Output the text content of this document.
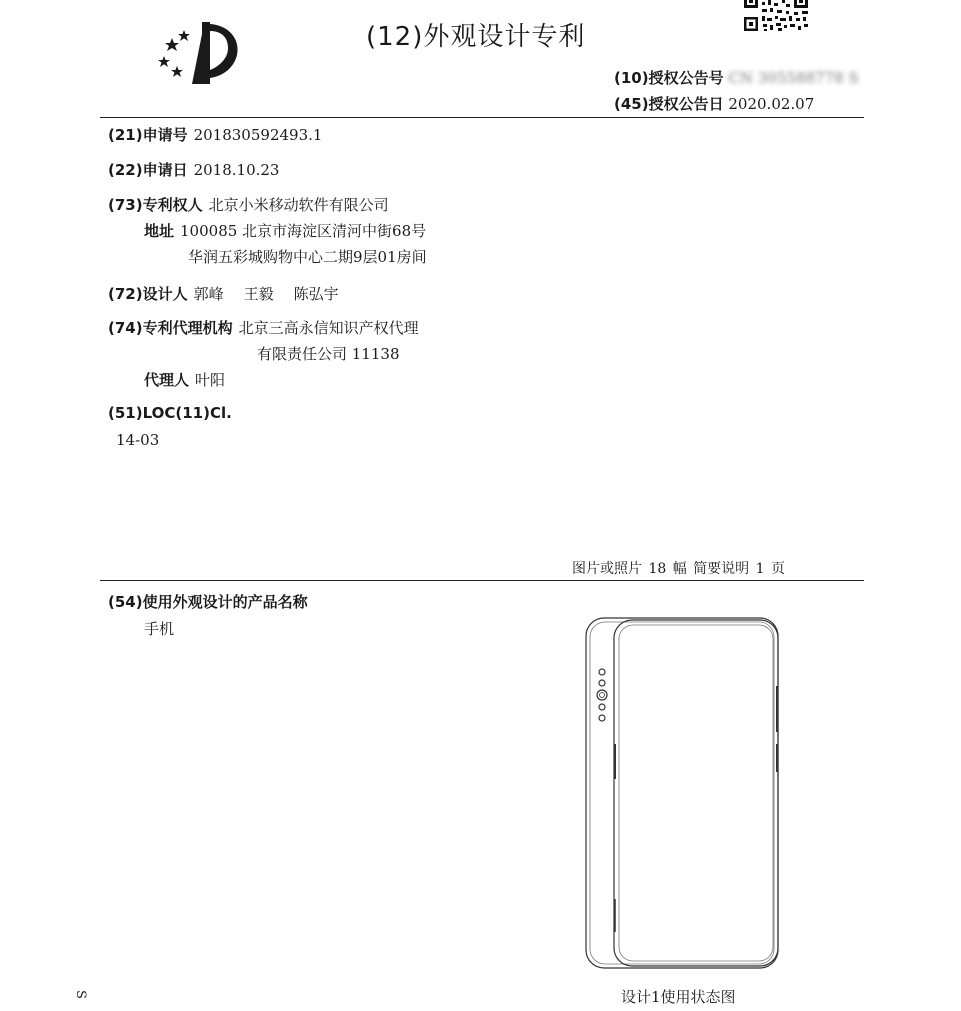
(12)外观设计专利
(10)授权公告号 CN 305588778 S
(45)授权公告日 2020.02.07
(21)申请号 201830592493.1
(22)申请日 2018.10.23
(73)专利权人 北京小米移动软件有限公司
地址 100085 北京市海淀区清河中街68号
华润五彩城购物中心二期9层01房间
(72)设计人 郭峰 王毅 陈弘宇
(74)专利代理机构 北京三高永信知识产权代理
有限责任公司 11138
代理人 叶阳
(51)LOC(11)Cl.
14-03
图片或照片 18 幅 简要说明 1 页
(54)使用外观设计的产品名称
手机
设计1使用状态图
S
